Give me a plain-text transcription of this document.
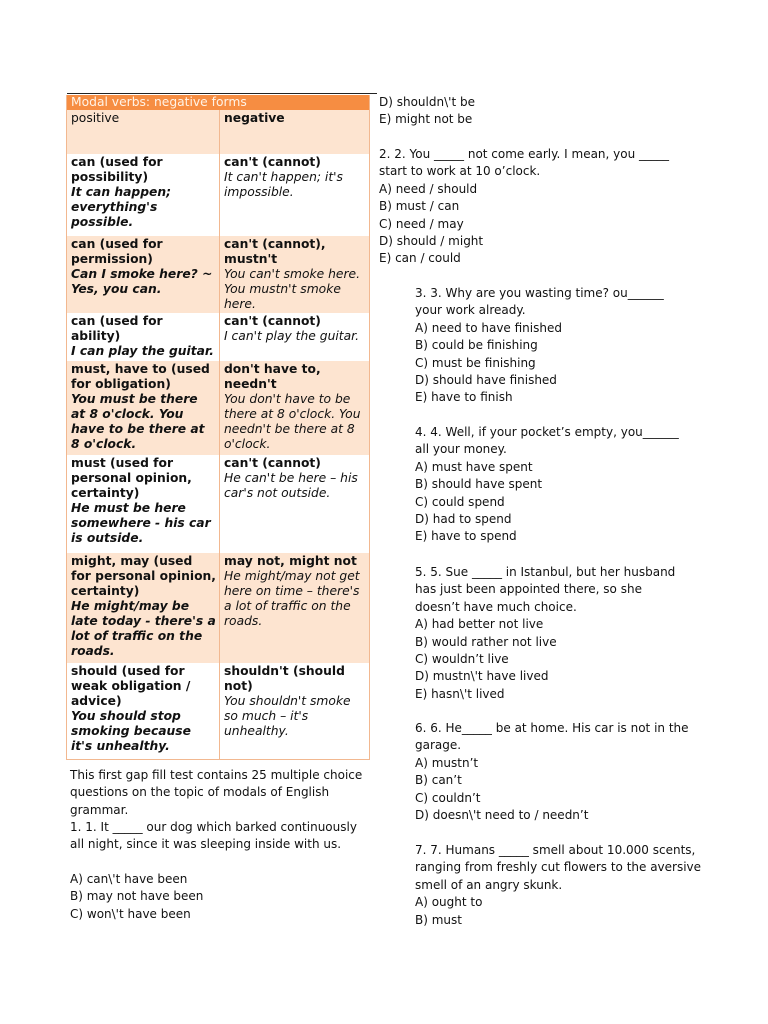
Modal verbs: negative forms	
positive	negative
can (used for possibility)
It can happen; everything's possible.	can't (cannot)
It can't happen; it's impossible.

can (used for permission)
Can I smoke here? ~ Yes, you can.	can't (cannot), mustn't
You can't smoke here. You mustn't smoke here.

can (used for ability)
I can play the guitar.	can't (cannot)
I can't play the guitar.

must, have to (used for obligation)
You must be there at 8 o'clock. You have to be there at 8 o'clock.	don't have to, needn't
You don't have to be there at 8 o'clock. You needn't be there at 8 o'clock.

must (used for personal opinion, certainty)
He must be here somewhere - his car is outside.	can't (cannot)
He can't be here – his car's not outside.

might, may (used for personal opinion, certainty)
He might/may be late today - there's a lot of traffic on the roads.	may not, might not
He might/may not get here on time – there's a lot of traffic on the roads.

should (used for weak obligation / advice)
You should stop smoking because it's unhealthy.	shouldn't (should not)
You shouldn't smoke so much – it's unhealthy.

This first gap fill test contains 25 multiple choice questions on the topic of modals of English grammar.

1. 1. It _____ our dog which barked continuously all night, since it was sleeping inside with us.

A) can\'t have been
B) may not have been
C) won\'t have been
D) shouldn\'t be
E) might not be

2. 2. You _____ not come early. I mean, you _____ start to work at 10 o’clock.

A) need / should
B) must / can
C) need / may
D) should / might
E) can / could

3. 3. Why are you wasting time? ou______ your work already.

A) need to have finished
B) could be finishing
C) must be finishing
D) should have finished
E) have to finish

4. 4. Well, if your pocket’s empty, you______ all your money.

A) must have spent
B) should have spent
C) could spend
D) had to spend
E) have to spend

5. 5. Sue _____ in Istanbul, but her husband has just been appointed there, so she doesn’t have much choice.

A) had better not live
B) would rather not live
C) wouldn’t live
D) mustn\'t have lived
E) hasn\'t lived

6. 6. He_____ be at home. His car is not in the garage.

A) mustn’t
B) can’t
C) couldn’t
D) doesn\'t need to / needn’t

7. 7. Humans _____ smell about 10.000 scents, ranging from freshly cut flowers to the aversive smell of an angry skunk.

A) ought to
B) must
